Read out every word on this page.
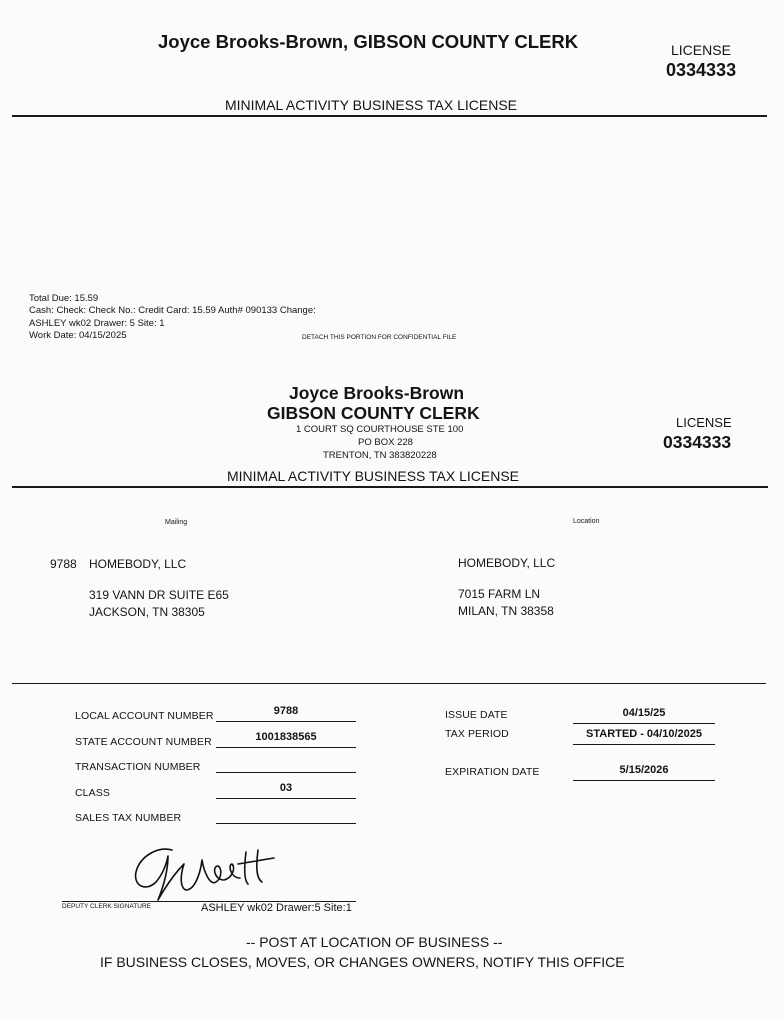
Joyce Brooks-Brown, GIBSON COUNTY CLERK	LICENSE
0334333
MINIMAL ACTIVITY BUSINESS TAX LICENSE
Total Due: 15.59
Cash: Check: Check No.: Credit Card: 15.59 Auth# 090133 Change:
ASHLEY wk02 Drawer: 5 Site: 1
Work Date: 04/15/2025	DETACH THIS PORTION FOR CONFIDENTIAL FILE
Joyce Brooks-Brown
GIBSON COUNTY CLERK
1 COURT SQ COURTHOUSE STE 100
PO BOX 228
TRENTON, TN 383820228
LICENSE
0334333
MINIMAL ACTIVITY BUSINESS TAX LICENSE
Mailing	Location
9788 HOMEBODY, LLC
319 VANN DR SUITE E65
JACKSON, TN 38305
HOMEBODY, LLC
7015 FARM LN
MILAN, TN 38358
LOCAL ACCOUNT NUMBER	9788
STATE ACCOUNT NUMBER	1001838565
TRANSACTION NUMBER
CLASS	03
SALES TAX NUMBER
ISSUE DATE	04/15/25
TAX PERIOD	STARTED - 04/10/2025
EXPIRATION DATE	5/15/2026
DEPUTY CLERK SIGNATURE	ASHLEY wk02 Drawer:5 Site:1
-- POST AT LOCATION OF BUSINESS --
IF BUSINESS CLOSES, MOVES, OR CHANGES OWNERS, NOTIFY THIS OFFICE
